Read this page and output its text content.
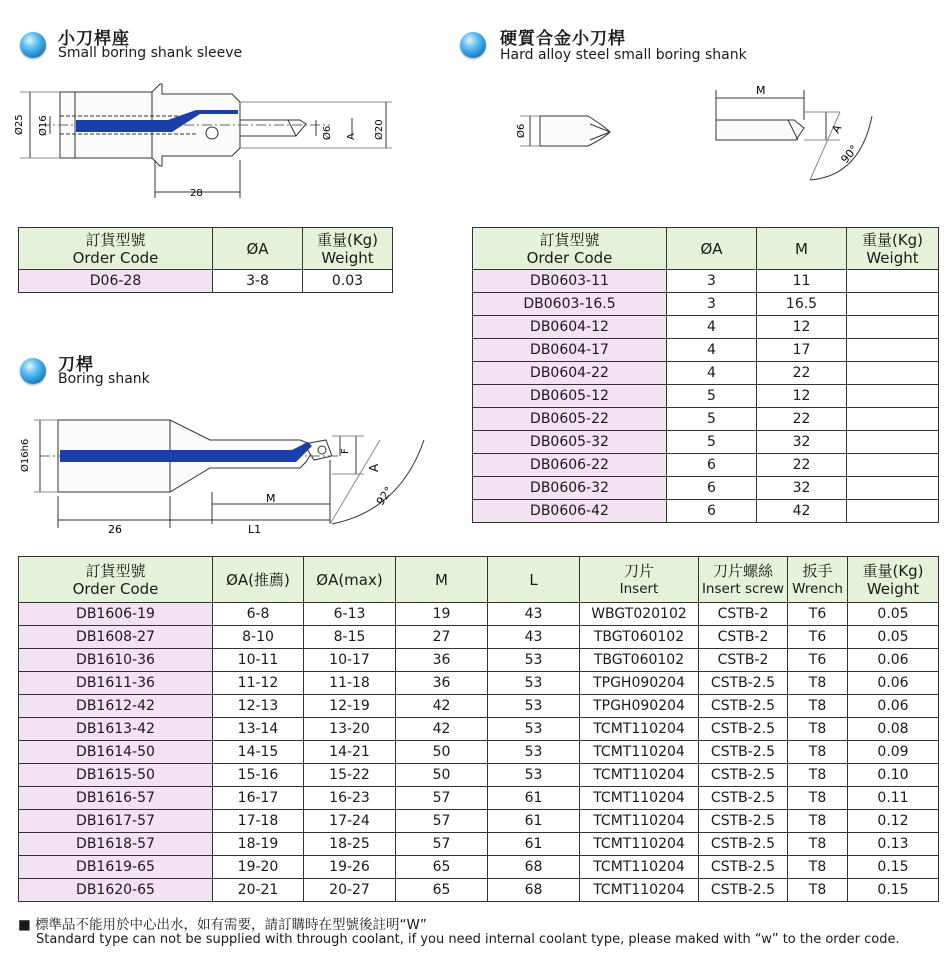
小刀桿座
Small boring shank sleeve
硬質合金小刀桿
Hard alloy steel small boring shank
刀桿
Boring shank
Ø25 Ø16	Ø6 A Ø20
28
M
Ø6	A
90°
Ø16h6	F
A
92°
M
26	L1
訂貨型號
Order Code	ØA	重量(Kg)
Weight

D06-28	3-8	0.03
訂貨型號
Order Code	ØA	M	重量(Kg)
Weight

DB0603-11	3	11	
DB0603-16.5	3	16.5	
DB0604-12	4	12	
DB0604-17	4	17	
DB0604-22	4	22	
DB0605-12	5	12	
DB0605-22	5	22	
DB0605-32	5	32	
DB0606-22	6	22	
DB0606-32	6	32	
DB0606-42	6	42	
訂貨型號
Order Code	ØA(推薦)	ØA(max)	M	L	刀片
Insert	刀片螺絲
Insert screw	扳手
Wrench	重量(Kg)
Weight

DB1606-19	6-8	6-13	19	43	WBGT020102	CSTB-2	T6	0.05
DB1608-27	8-10	8-15	27	43	TBGT060102	CSTB-2	T6	0.05
DB1610-36	10-11	10-17	36	53	TBGT060102	CSTB-2	T6	0.06
DB1611-36	11-12	11-18	36	53	TPGH090204	CSTB-2.5	T8	0.06
DB1612-42	12-13	12-19	42	53	TPGH090204	CSTB-2.5	T8	0.06
DB1613-42	13-14	13-20	42	53	TCMT110204	CSTB-2.5	T8	0.08
DB1614-50	14-15	14-21	50	53	TCMT110204	CSTB-2.5	T8	0.09
DB1615-50	15-16	15-22	50	53	TCMT110204	CSTB-2.5	T8	0.10
DB1616-57	16-17	16-23	57	61	TCMT110204	CSTB-2.5	T8	0.11
DB1617-57	17-18	17-24	57	61	TCMT110204	CSTB-2.5	T8	0.12
DB1618-57	18-19	18-25	57	61	TCMT110204	CSTB-2.5	T8	0.13
DB1619-65	19-20	19-26	65	68	TCMT110204	CSTB-2.5	T8	0.15
DB1620-65	20-21	20-27	65	68	TCMT110204	CSTB-2.5	T8	0.15
■ 標準品不能用於中心出水，如有需要，請訂購時在型號後註明“W”
Standard type can not be supplied with through coolant, if you need internal coolant type, please maked with “w” to the order code.
